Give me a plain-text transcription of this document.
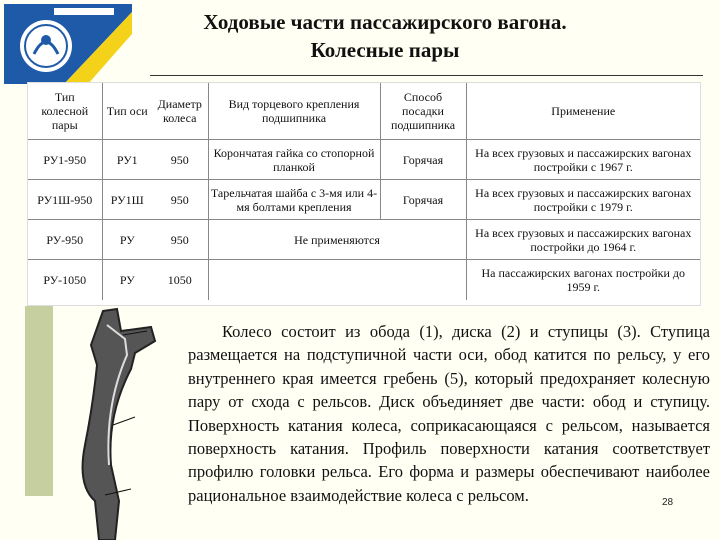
Ходовые части пассажирского вагона.
Колесные пары
Тип колесной пары	Тип оси	Диаметр колеса	Вид торцевого крепления подшипника	Способ посадки подшипника	Применение
РУ1-950	РУ1	950	Корончатая гайка со стопорной планкой	Горячая	На всех грузовых и пассажирских вагонах постройки с 1967 г.
РУ1Ш-950	РУ1Ш	950	Тарельчатая шайба с 3-мя или 4-мя болтами крепления	Горячая	На всех грузовых и пассажирских вагонах постройки с 1979 г.
РУ-950	РУ	950	Не применяются		На всех грузовых и пассажирских вагонах постройки до 1964 г.
РУ-1050	РУ	1050			На пассажирских вагонах постройки до 1959 г.

Колесо состоит из обода (1), диска (2) и ступицы (3). Ступица размещается на подступичной части оси, обод катится по рельсу, у его внутреннего края имеется гребень (5), который предохраняет колесную пару от схода с рельсов. Диск объединяет две части: обод и ступицу. Поверхность катания колеса, соприкасающаяся с рельсом, называется поверхность катания. Профиль поверхности катания соответствует профилю головки рельса. Его форма и размеры обеспечивают наиболее рациональное взаимодействие колеса с рельсом.	28
